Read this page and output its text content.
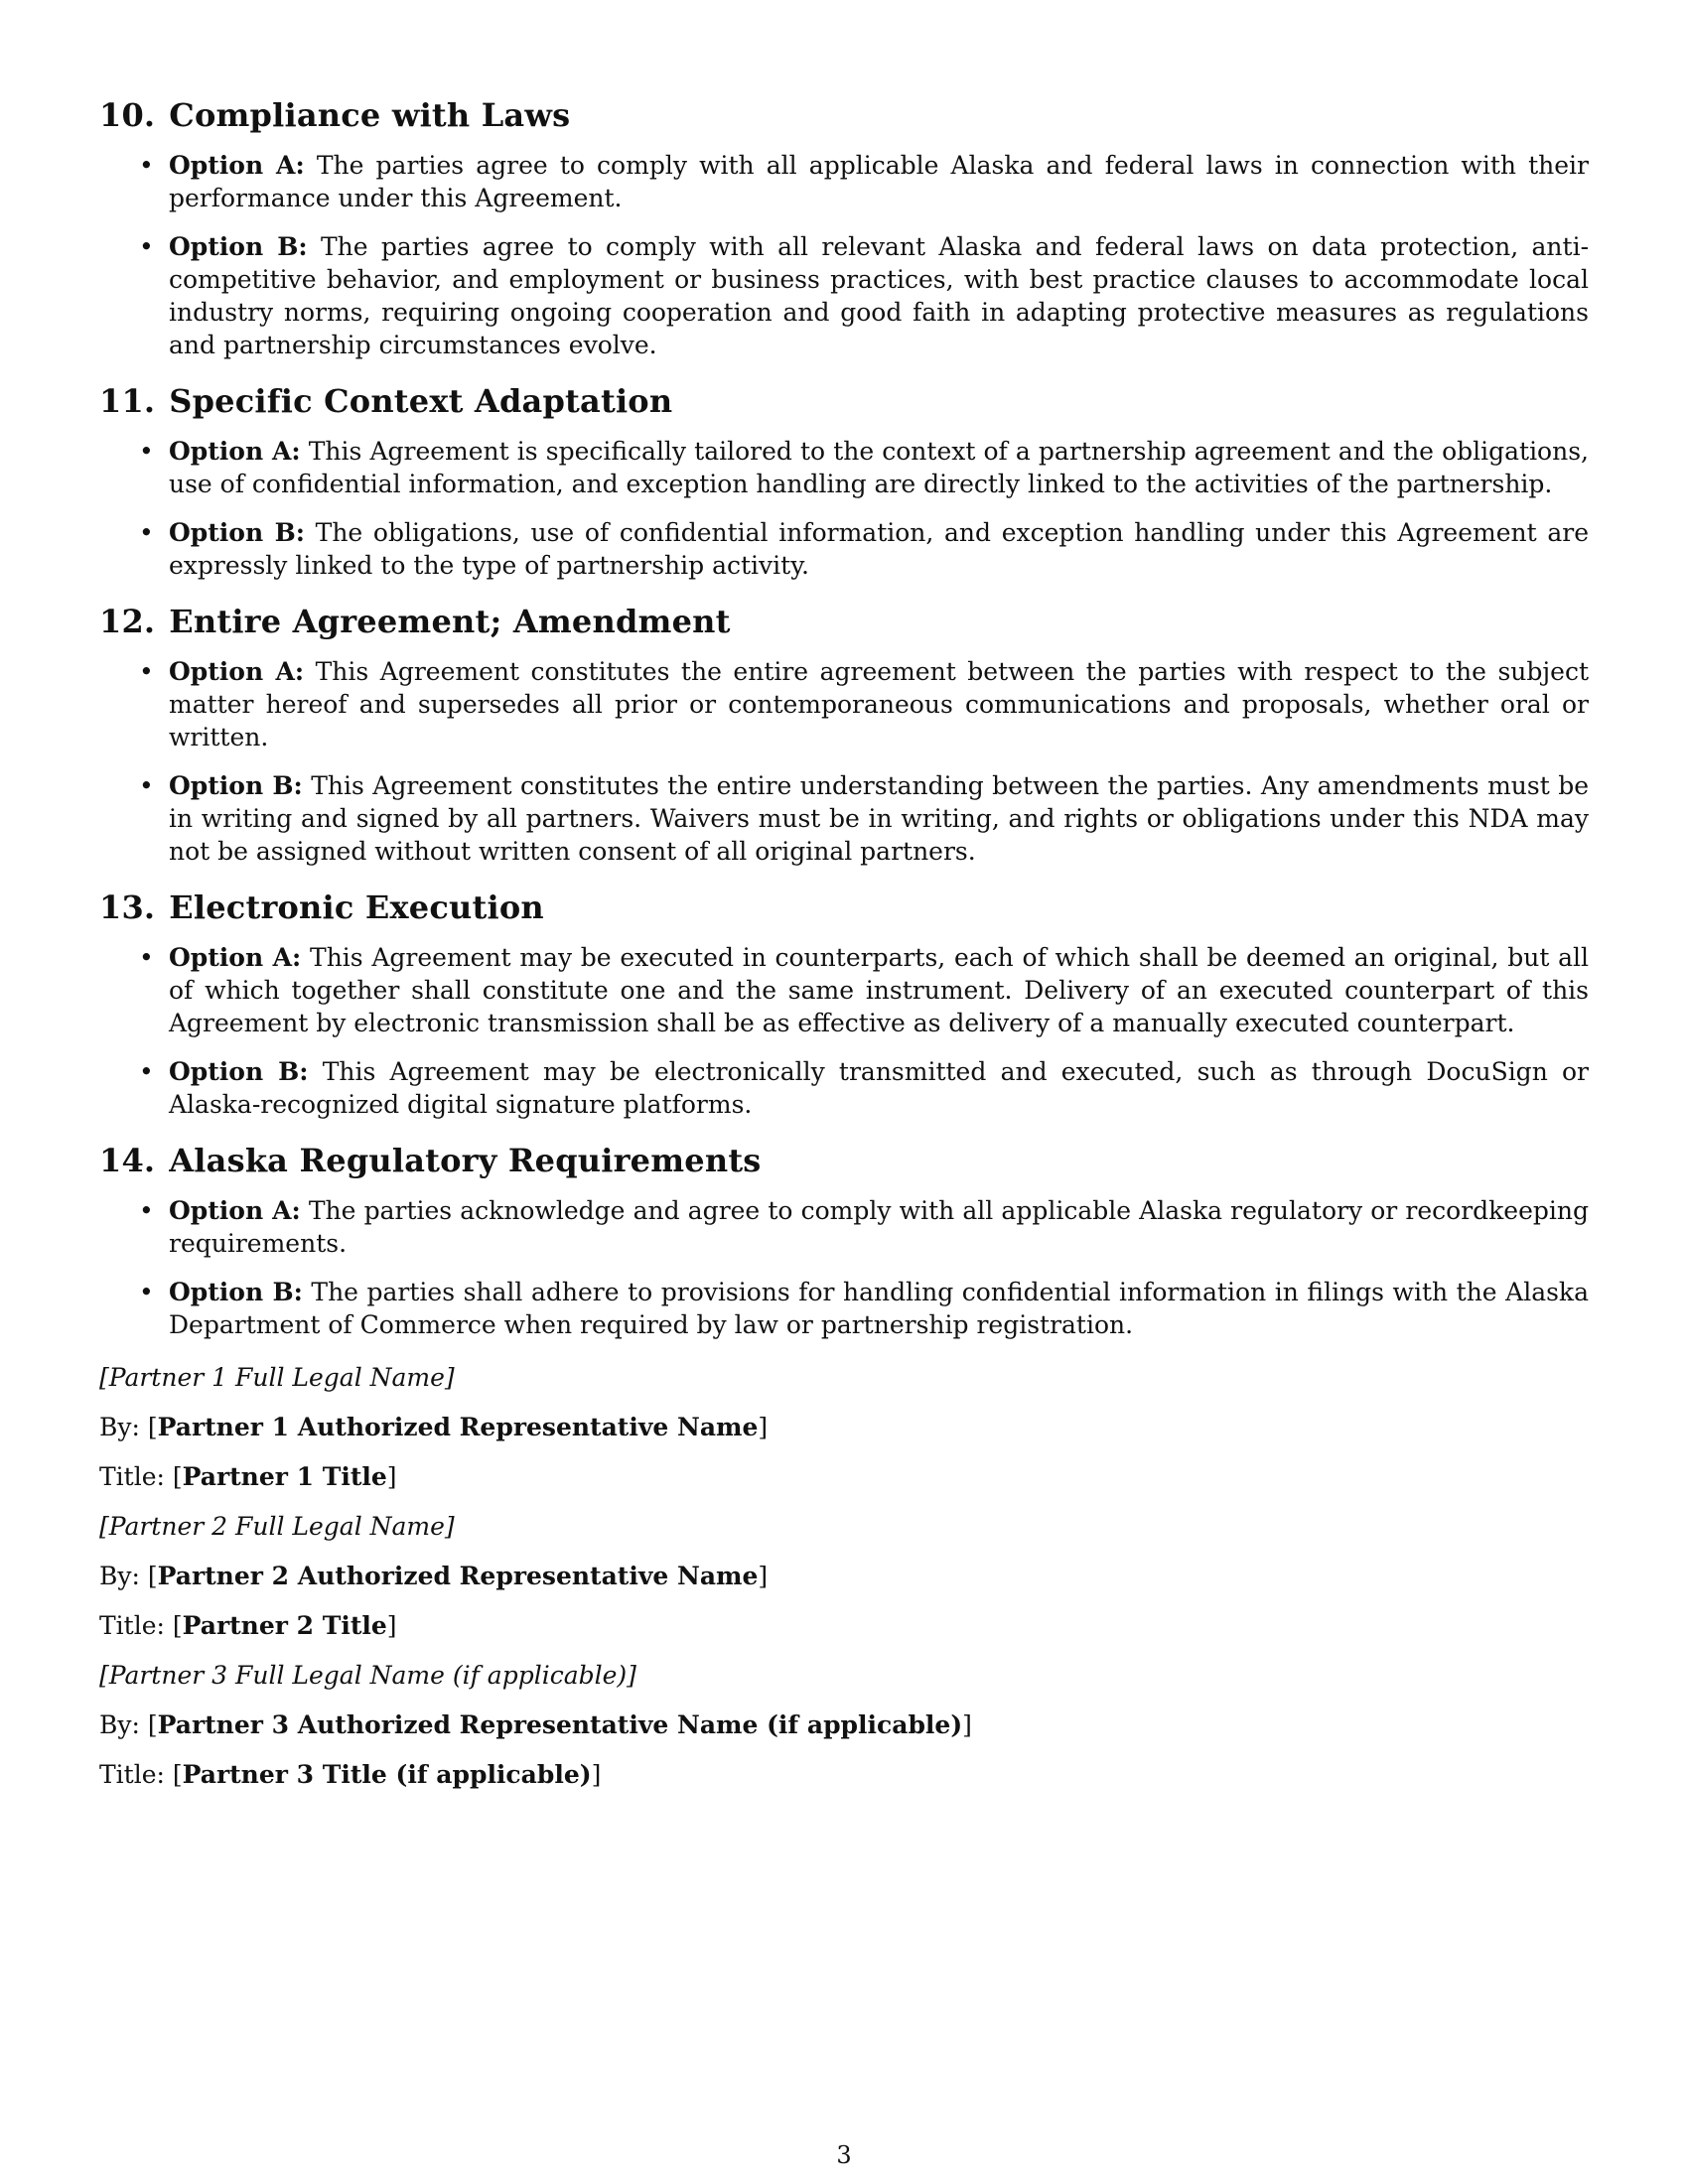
10. Compliance with Laws
• Option A: The parties agree to comply with all applicable Alaska and federal laws in connection with their performance under this Agreement.
• Option B: The parties agree to comply with all relevant Alaska and federal laws on data protection, anti-competitive behavior, and employment or business practices, with best practice clauses to accommodate local industry norms, requiring ongoing cooperation and good faith in adapting protective measures as regulations and partnership circumstances evolve.
11. Specific Context Adaptation
• Option A: This Agreement is specifically tailored to the context of a partnership agreement and the obligations, use of confidential information, and exception handling are directly linked to the activities of the partnership.
• Option B: The obligations, use of confidential information, and exception handling under this Agreement are expressly linked to the type of partnership activity.
12. Entire Agreement; Amendment
• Option A: This Agreement constitutes the entire agreement between the parties with respect to the subject matter hereof and supersedes all prior or contemporaneous communications and proposals, whether oral or written.
• Option B: This Agreement constitutes the entire understanding between the parties. Any amendments must be in writing and signed by all partners. Waivers must be in writing, and rights or obligations under this NDA may not be assigned without written consent of all original partners.
13. Electronic Execution
• Option A: This Agreement may be executed in counterparts, each of which shall be deemed an original, but all of which together shall constitute one and the same instrument. Delivery of an executed counterpart of this Agreement by electronic transmission shall be as effective as delivery of a manually executed counterpart.
• Option B: This Agreement may be electronically transmitted and executed, such as through DocuSign or Alaska-recognized digital signature platforms.
14. Alaska Regulatory Requirements
• Option A: The parties acknowledge and agree to comply with all applicable Alaska regulatory or recordkeeping requirements.
• Option B: The parties shall adhere to provisions for handling confidential information in filings with the Alaska Department of Commerce when required by law or partnership registration.
[Partner 1 Full Legal Name]
By: [Partner 1 Authorized Representative Name]
Title: [Partner 1 Title]
[Partner 2 Full Legal Name]
By: [Partner 2 Authorized Representative Name]
Title: [Partner 2 Title]
[Partner 3 Full Legal Name (if applicable)]
By: [Partner 3 Authorized Representative Name (if applicable)]
Title: [Partner 3 Title (if applicable)]
3
